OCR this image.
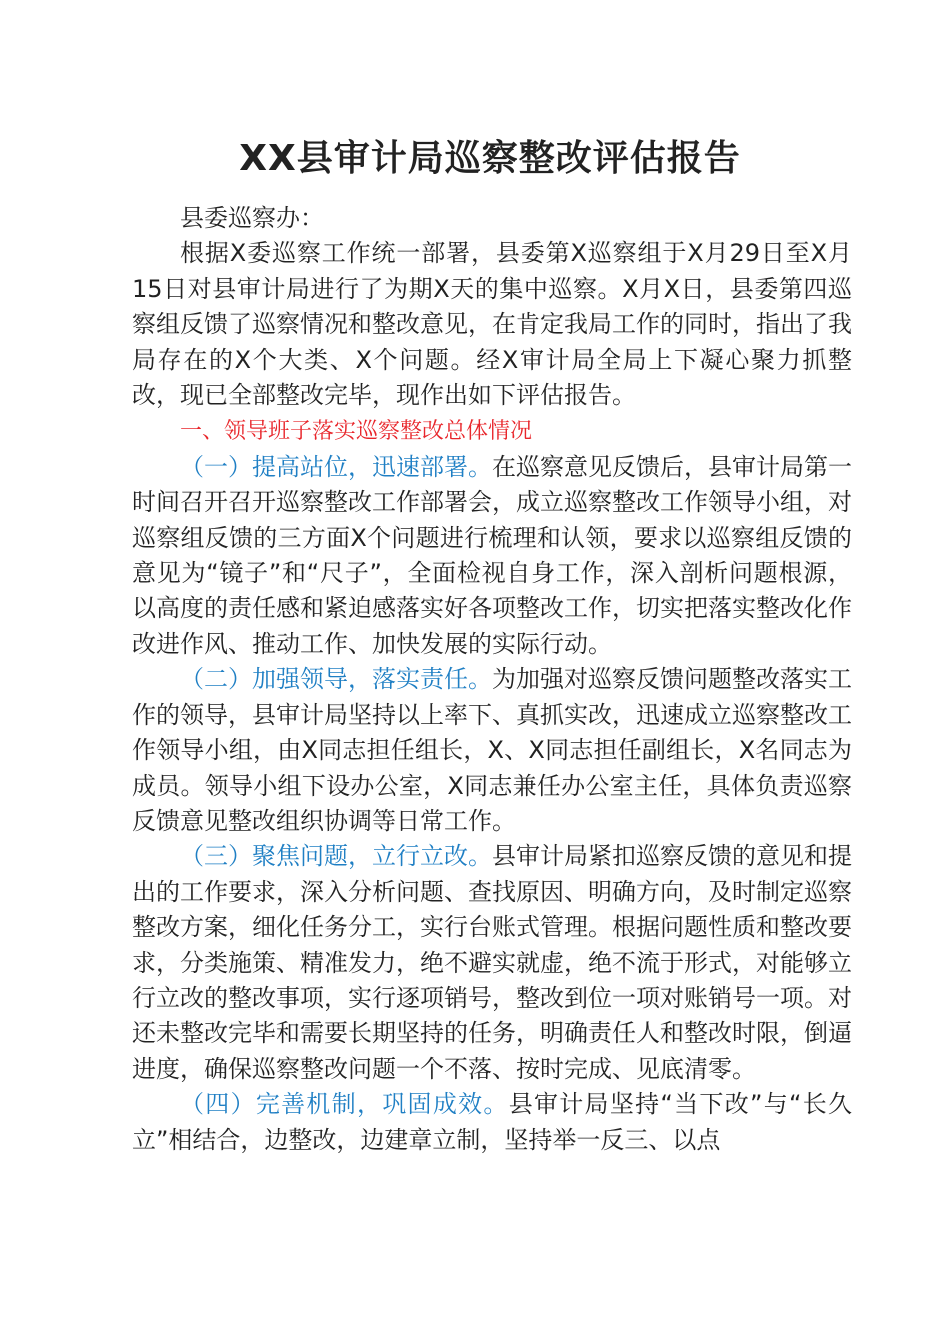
XX县审计局巡察整改评估报告

县委巡察办：

根据X委巡察工作统一部署，县委第X巡察组于X月29日至X月15日对县审计局进行了为期X天的集中巡察。X月X日，县委第四巡察组反馈了巡察情况和整改意见，在肯定我局工作的同时，指出了我局存在的X个大类、X个问题。经X审计局全局上下凝心聚力抓整改，现已全部整改完毕，现作出如下评估报告。

一、领导班子落实巡察整改总体情况

（一）提高站位，迅速部署。在巡察意见反馈后，县审计局第一时间召开召开巡察整改工作部署会，成立巡察整改工作领导小组，对巡察组反馈的三方面X个问题进行梳理和认领，要求以巡察组反馈的意见为“镜子”和“尺子”，全面检视自身工作，深入剖析问题根源，以高度的责任感和紧迫感落实好各项整改工作，切实把落实整改化作改进作风、推动工作、加快发展的实际行动。

（二）加强领导，落实责任。为加强对巡察反馈问题整改落实工作的领导，县审计局坚持以上率下、真抓实改，迅速成立巡察整改工作领导小组，由X同志担任组长，X、X同志担任副组长，X名同志为成员。领导小组下设办公室，X同志兼任办公室主任，具体负责巡察反馈意见整改组织协调等日常工作。

（三）聚焦问题，立行立改。县审计局紧扣巡察反馈的意见和提出的工作要求，深入分析问题、查找原因、明确方向，及时制定巡察整改方案，细化任务分工，实行台账式管理。根据问题性质和整改要求，分类施策、精准发力，绝不避实就虚，绝不流于形式，对能够立行立改的整改事项，实行逐项销号，整改到位一项对账销号一项。对还未整改完毕和需要长期坚持的任务，明确责任人和整改时限，倒逼进度，确保巡察整改问题一个不落、按时完成、见底清零。

（四）完善机制，巩固成效。县审计局坚持“当下改”与“长久立”相结合，边整改，边建章立制，坚持举一反三、以点
